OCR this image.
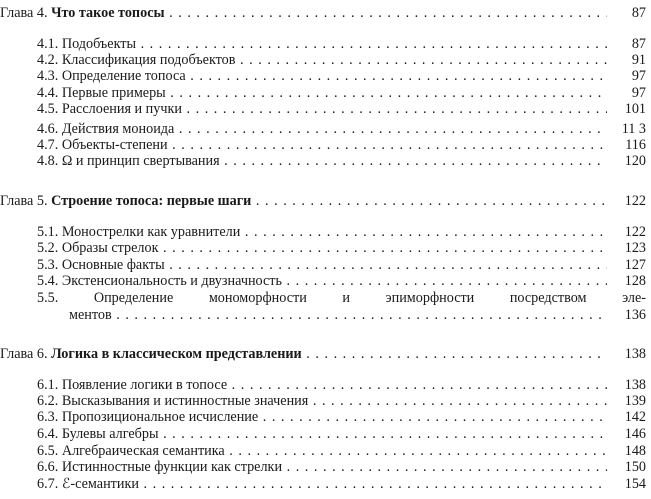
Глава 4. Что такое топосы . .	87
4.1. Подобъекты . .	87
4.2. Классификация подобъектов . .	91
4.3. Определение топоса . .	97
4.4. Первые примеры . .	97
4.5. Расслоения и пучки . .	101
4.6. Действия моноида . .	11 3
4.7. Объекты-степени . .	116
4.8. Ω и принцип свертывания . .	120
Глава 5. Строение топоса: первые шаги . .	122
5.1. Монострелки как уравнители . .	122
5.2. Образы стрелок . .	123
5.3. Основные факты . .	127
5.4. Экстенсиональность и двузначность . .	128
5.5.	Определение мономорфности и эпиморфности посредством эле-
ментов . .	136
Глава 6. Логика в классическом представлении . .	138
6.1. Появление логики в топосе . .	138
6.2. Высказывания и истинностные значения . .	139
6.3. Пропозициональное исчисление . .	142
6.4. Булевы алгебры . .	146
6.5. Алгебраическая семантика . .	148
6.6. Истинностные функции как стрелки . .	150
6.7. ℰ-семантики . .	154
